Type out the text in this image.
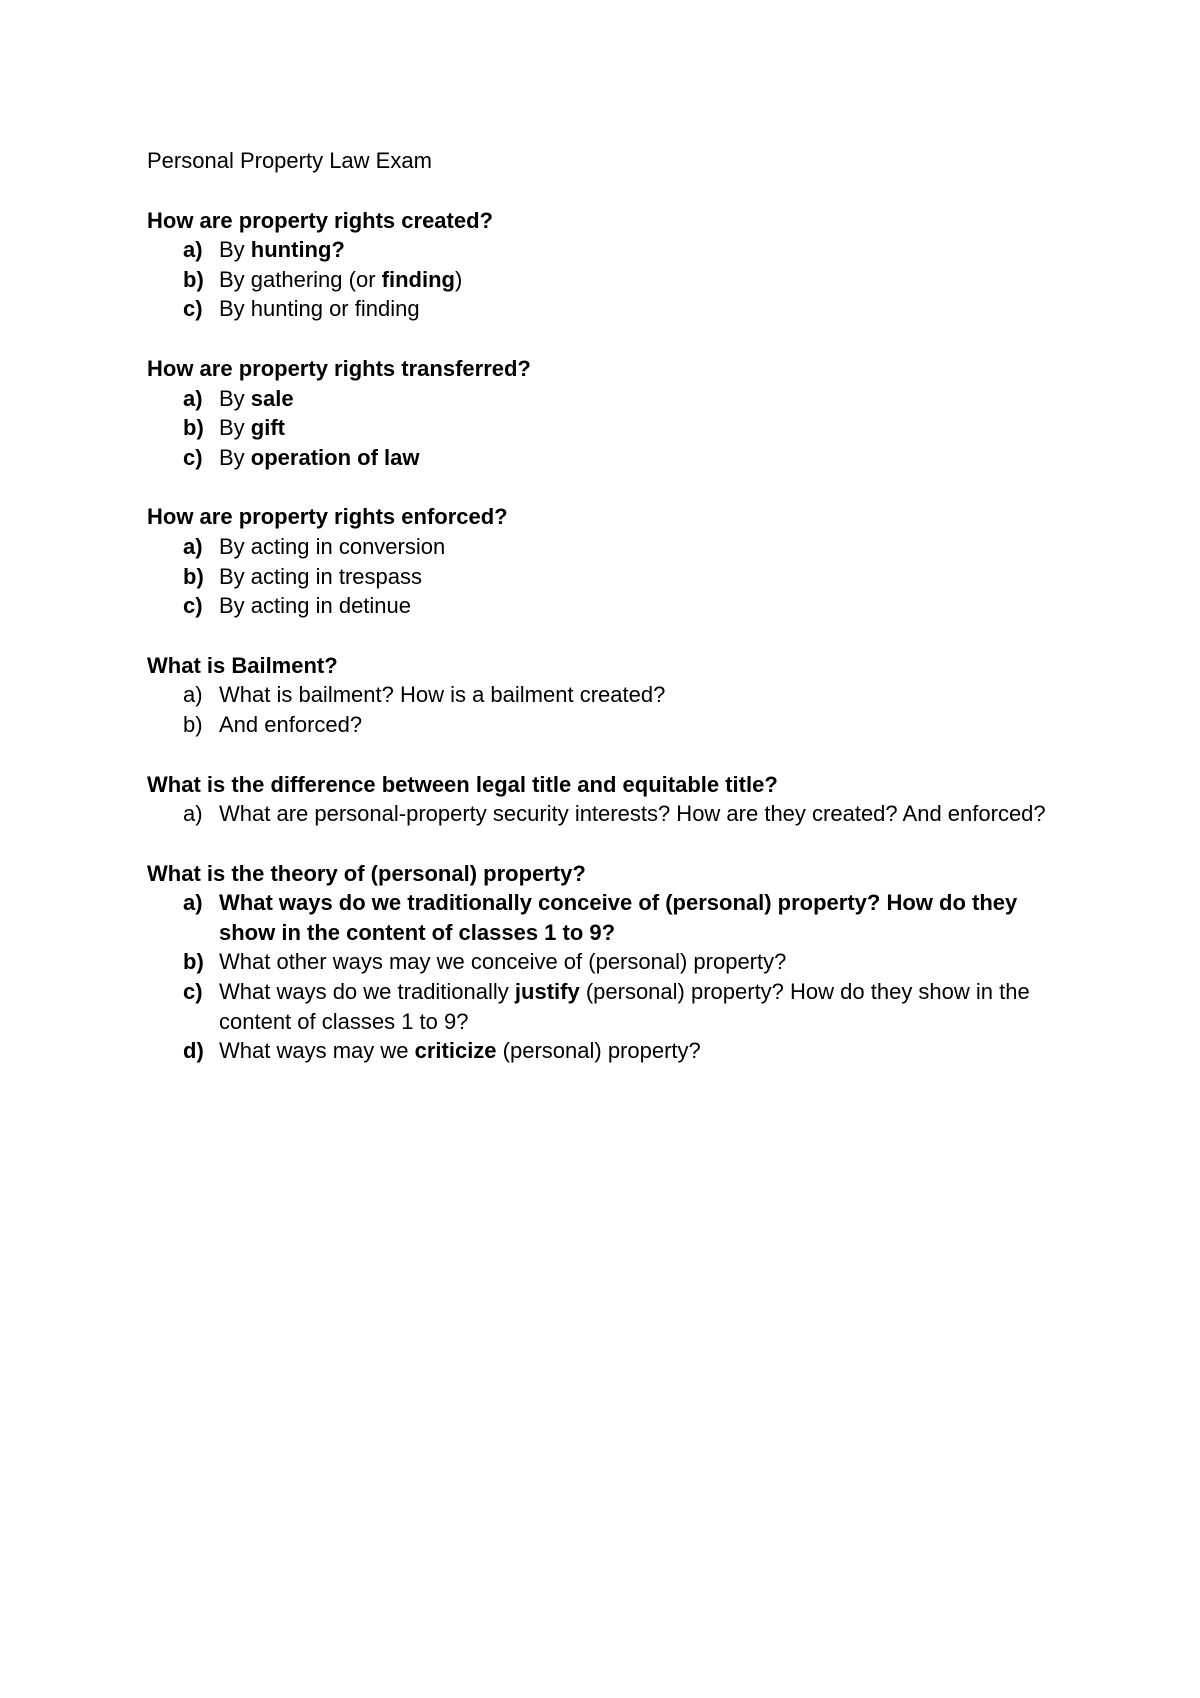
Personal Property Law Exam

How are property rights created?

a) By hunting?
b) By gathering (or finding)
c) By hunting or finding

How are property rights transferred?

a) By sale
b) By gift
c) By operation of law

How are property rights enforced?

a) By acting in conversion
b) By acting in trespass
c) By acting in detinue

What is Bailment?

a) What is bailment? How is a bailment created?
b) And enforced?

What is the difference between legal title and equitable title?

a) What are personal-property security interests? How are they created? And enforced?

What is the theory of (personal) property?

a) What ways do we traditionally conceive of (personal) property? How do they show in the content of classes 1 to 9?
b) What other ways may we conceive of (personal) property?
c) What ways do we traditionally justify (personal) property? How do they show in the content of classes 1 to 9?
d) What ways may we criticize (personal) property?
